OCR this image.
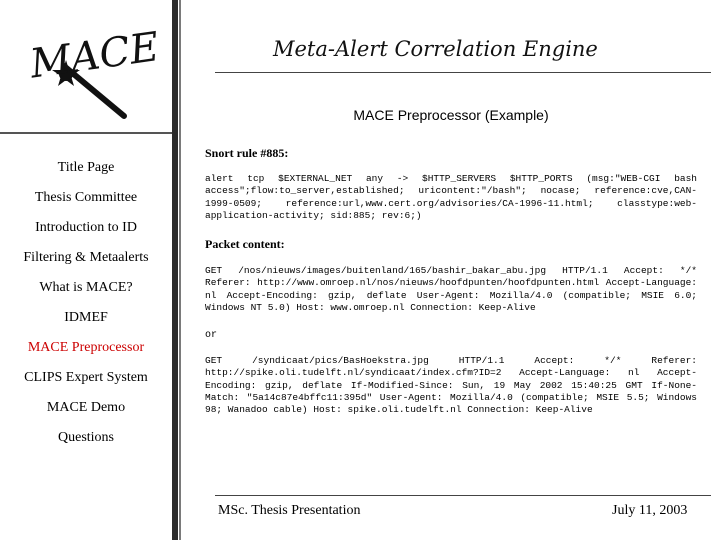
MACE
Title Page
Thesis Committee
Introduction to ID
Filtering & Metaalerts
What is MACE?
IDMEF
MACE Preprocessor
CLIPS Expert System
MACE Demo
Questions
Meta-Alert Correlation Engine
MACE Preprocessor (Example)
Snort rule #885:
alert tcp $EXTERNAL_NET any -> $HTTP_SERVERS $HTTP_PORTS (msg:"WEB-CGI bash access";flow:to_server,established; uricontent:"/bash"; nocase; reference:cve,CAN-1999-0509; reference:url,www.cert.org/advisories/CA-1996-11.html; classtype:web-application-activity; sid:885; rev:6;)
Packet content:
GET /nos/nieuws/images/buitenland/165/bashir_bakar_abu.jpg HTTP/1.1 Accept: */* Referer: http://www.omroep.nl/nos/nieuws/hoofdpunten/hoofdpunten.html Accept-Language: nl Accept-Encoding: gzip, deflate User-Agent: Mozilla/4.0 (compatible; MSIE 6.0; Windows NT 5.0) Host: www.omroep.nl Connection: Keep-Alive
or
GET /syndicaat/pics/BasHoekstra.jpg HTTP/1.1 Accept: */* Referer: http://spike.oli.tudelft.nl/syndicaat/index.cfm?ID=2 Accept-Language: nl Accept-Encoding: gzip, deflate If-Modified-Since: Sun, 19 May 2002 15:40:25 GMT If-None-Match: "5a14c87e4bffc11:395d" User-Agent: Mozilla/4.0 (compatible; MSIE 5.5; Windows 98; Wanadoo cable) Host: spike.oli.tudelft.nl Connection: Keep-Alive
MSc. Thesis Presentation	July 11, 2003
